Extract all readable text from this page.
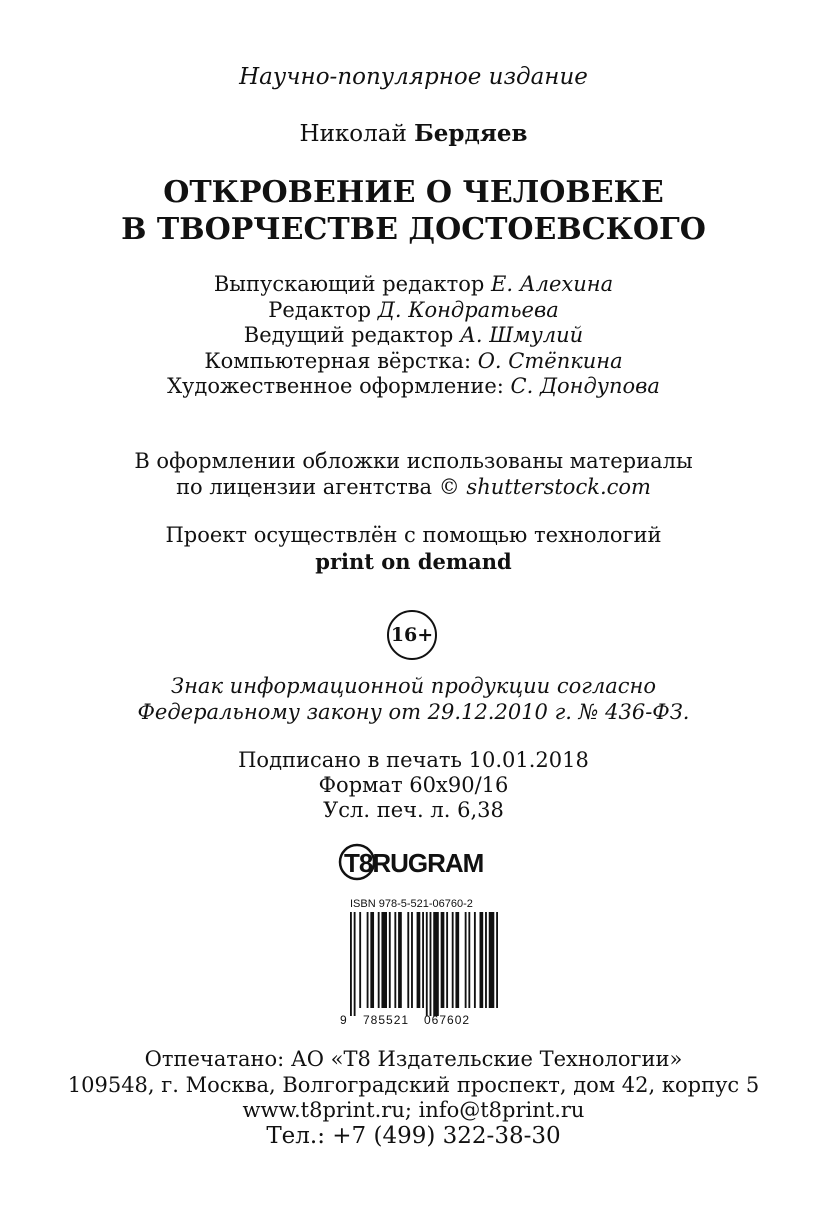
Научно-популярное издание
Николай Бердяев
ОТКРОВЕНИЕ О ЧЕЛОВЕКЕ
В ТВОРЧЕСТВЕ ДОСТОЕВСКОГО
Выпускающий редактор Е. Алехина
Редактор Д. Кондратьева
Ведущий редактор А. Шмулий
Компьютерная вёрстка: О. Стёпкина
Художественное оформление: С. Дондупова
В оформлении обложки использованы материалы
по лицензии агентства © shutterstock.com
Проект осуществлён с помощью технологий
print on demand
16+
Знак информационной продукции согласно
Федеральному закону от 29.12.2010 г. № 436-ФЗ.
Подписано в печать 10.01.2018
Формат 60x90/16
Усл. печ. л. 6,38
T8RUGRAM
ISBN 978-5-521-06760-2
9 785521 067602
Отпечатано: АО «Т8 Издательские Технологии»
109548, г. Москва, Волгоградский проспект, дом 42, корпус 5
www.t8print.ru; info@t8print.ru
Тел.: +7 (499) 322-38-30
